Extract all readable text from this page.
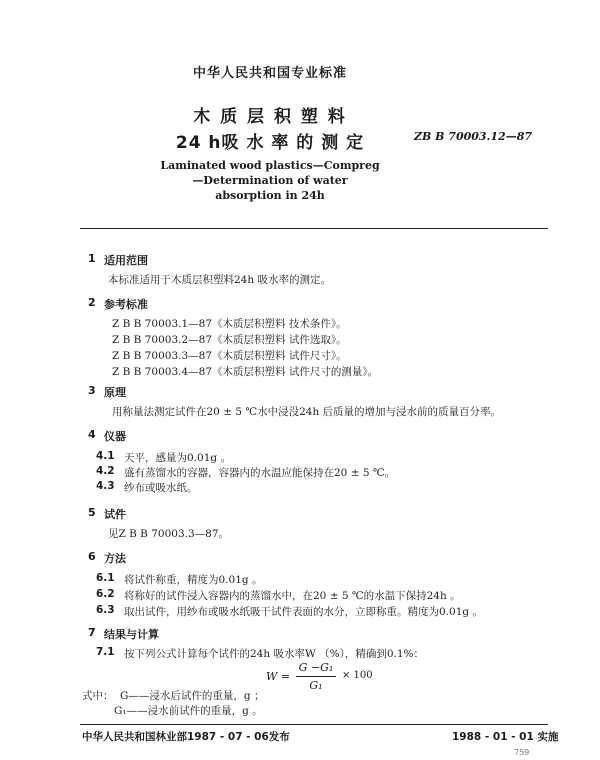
中华人民共和国专业标准
木 质 层 积 塑 料
24 h吸 水 率 的 测 定	ZB B 70003.12—87
Laminated wood plastics—Compreg
—Determination of water
absorption in 24h
1 适用范围
本标准适用于木质层积塑料24h 吸水率的测定。
2 参考标准
Z B B 70003.1—87《木质层积塑料 技术条件》。
Z B B 70003.2—87《木质层积塑料 试件选取》。
Z B B 70003.3—87《木质层积塑料 试件尺寸》。
Z B B 70003.4—87《木质层积塑料 试件尺寸的测量》。
3 原理
用称量法测定试件在20 ± 5 ℃水中浸没24h 后质量的增加与浸水前的质量百分率。
4 仪器
4.1 天平，感量为0.01g 。
4.2 盛有蒸馏水的容器，容器内的水温应能保持在20 ± 5 ℃。
4.3 纱布或吸水纸。
5 试件
见Z B B 70003.3—87。
6 方法
6.1 将试件称重，精度为0.01g 。
6.2 将称好的试件浸入容器内的蒸馏水中，在20 ± 5 ℃的水温下保持24h 。
6.3 取出试件，用纱布或吸水纸吸干试件表面的水分，立即称重。精度为0.01g 。
7 结果与计算
7.1 按下列公式计算每个试件的24h 吸水率W （%），精确到0.1%：
W =
G −G₁
G₁
× 100
式中： G——浸水后试件的重量，g ；
G₁——浸水前试件的重量，g 。
中华人民共和国林业部1987 - 07 - 06发布	1988 - 01 - 01 实施
759
